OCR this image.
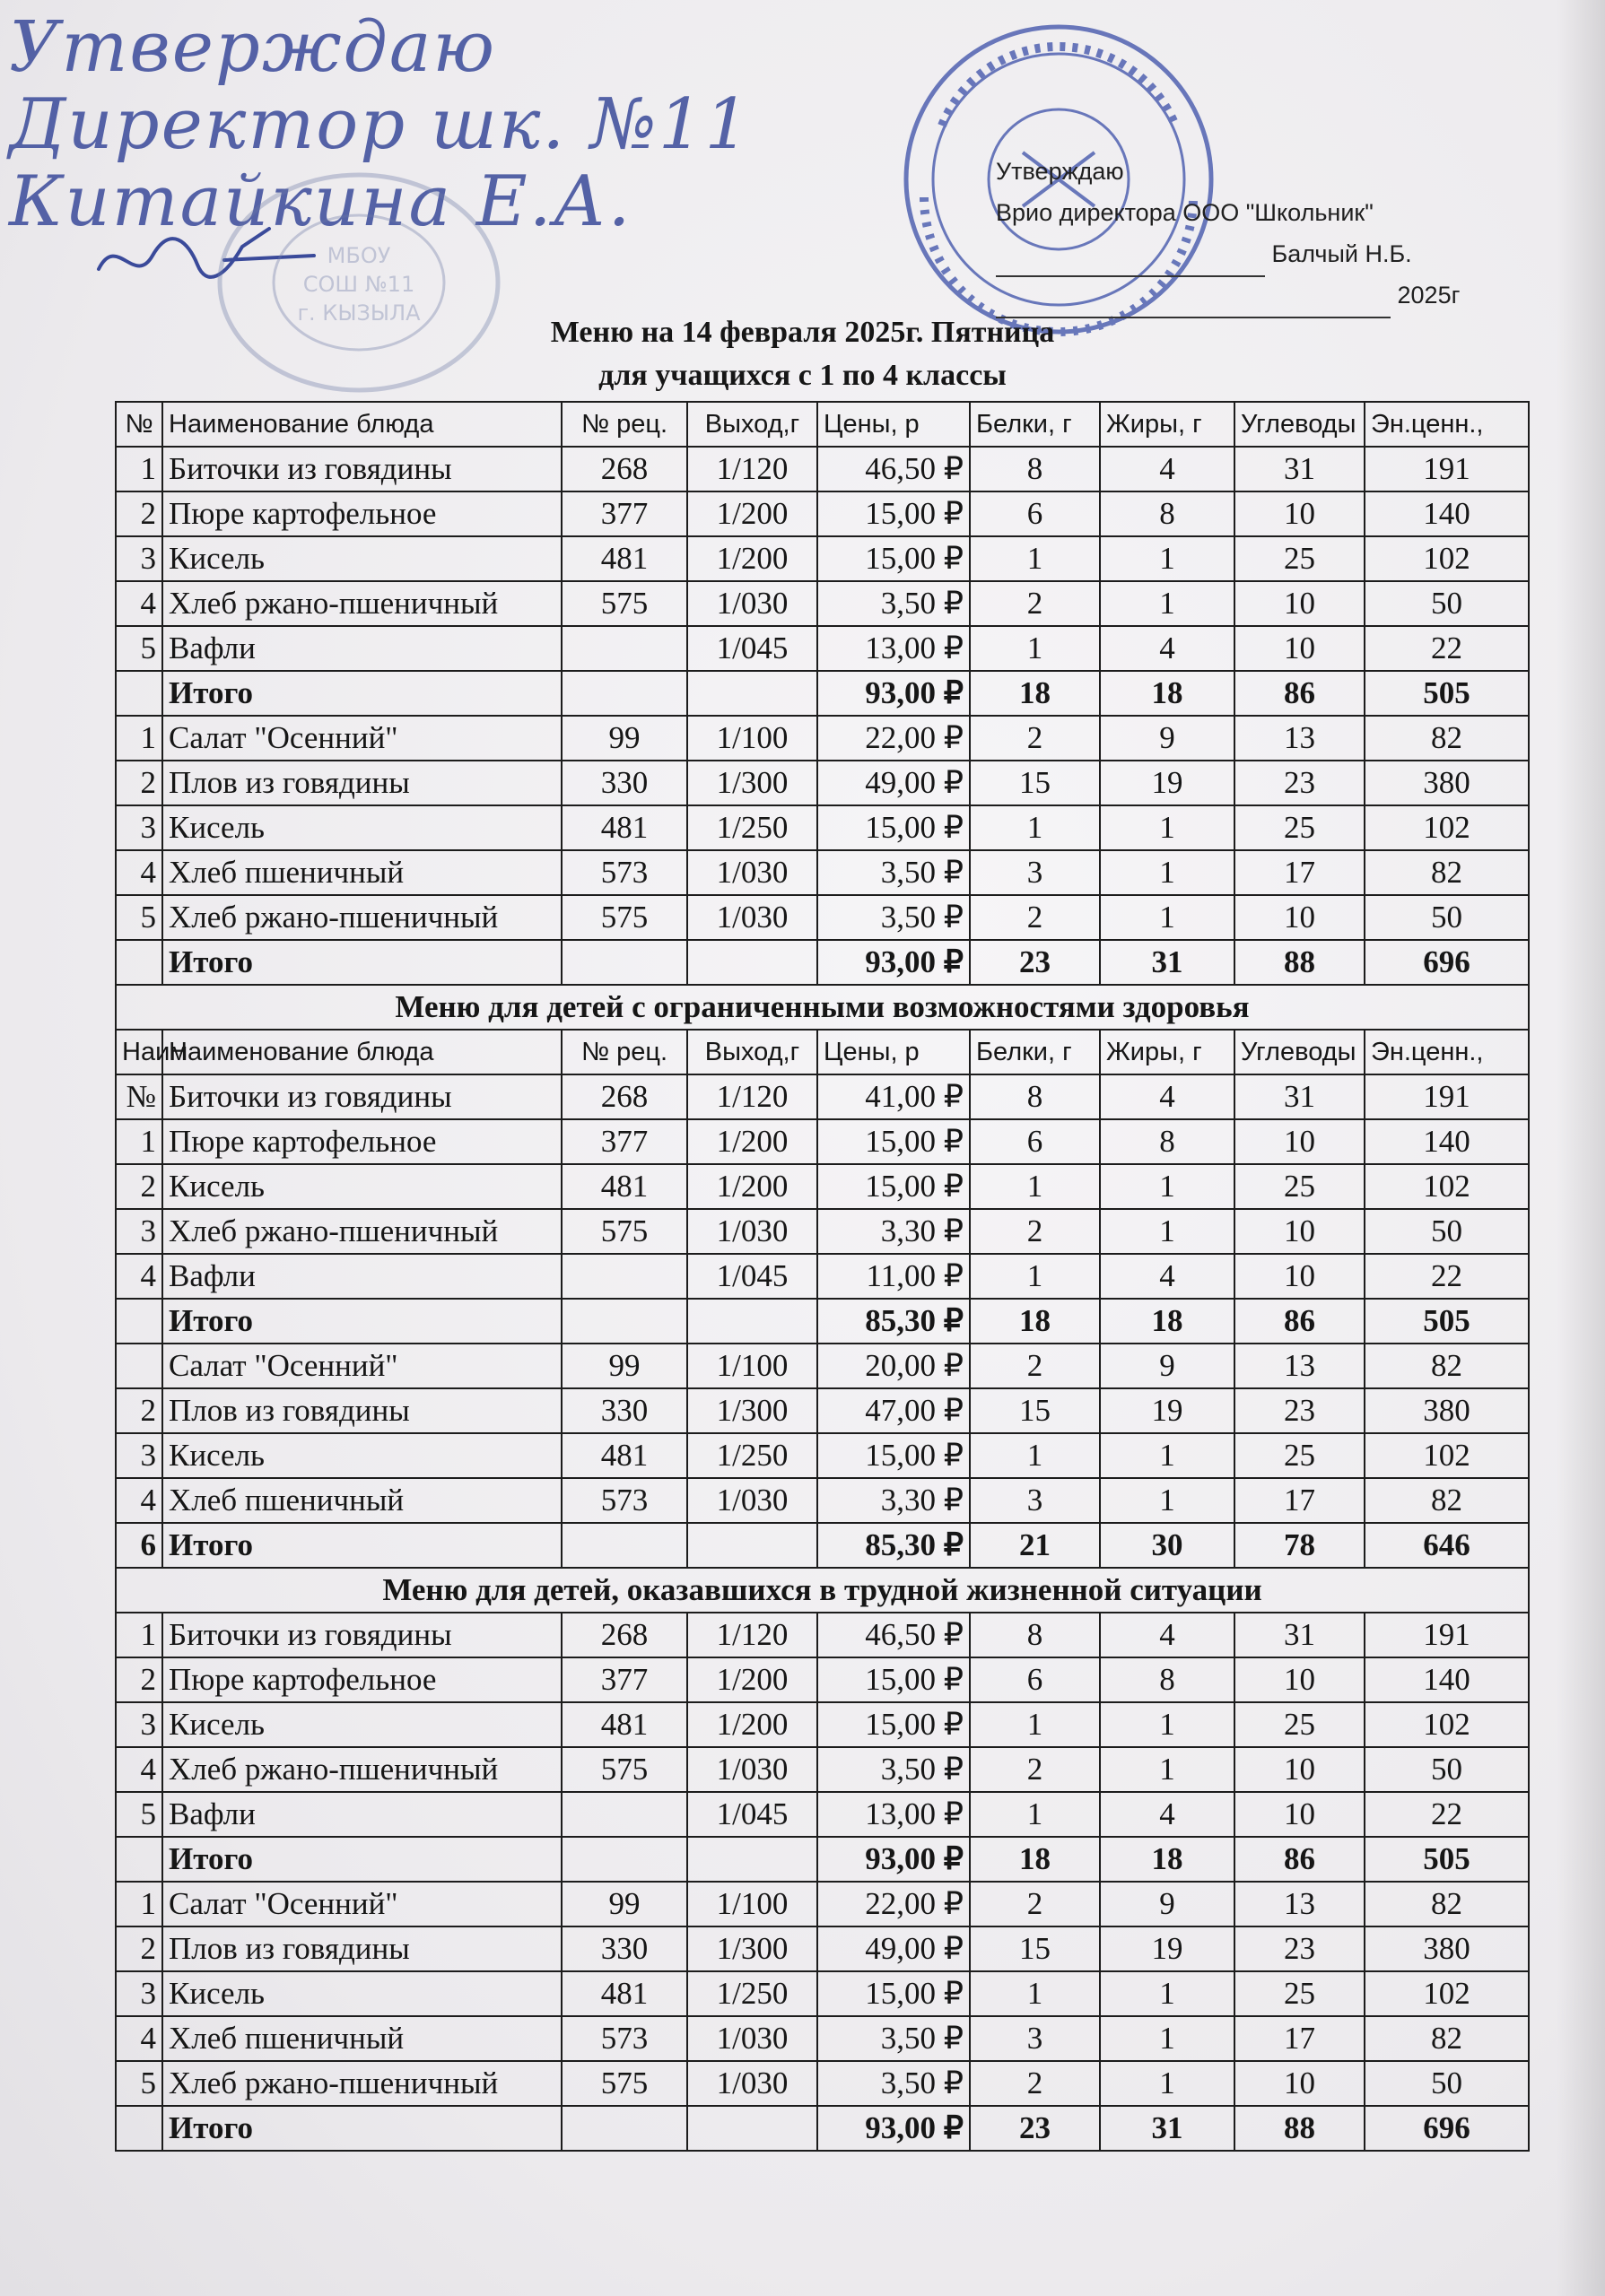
Утверждаю
Директор шк. №11
Китайкина Е.А.
МБОУ
СОШ №11
г. КЫЗЫЛА
Утверждаю
Врио директора ООО "Школьник"
Балчый Н.Б.
2025г
Меню на 14 февраля 2025г. Пятница
для учащихся с 1 по 4 классы
№	Наименование блюда	№ рец.	Выход,г	Цены, р	Белки, г	Жиры, г	Углеводы	Эн.ценн.,
1	Биточки из говядины	268	1/120	46,50 ₽	8	4	31	191
2	Пюре картофельное	377	1/200	15,00 ₽	6	8	10	140
3	Кисель	481	1/200	15,00 ₽	1	1	25	102
4	Хлеб ржано-пшеничный	575	1/030	3,50 ₽	2	1	10	50
5	Вафли		1/045	13,00 ₽	1	4	10	22
	Итого			93,00 ₽	18	18	86	505
1	Салат "Осенний"	99	1/100	22,00 ₽	2	9	13	82
2	Плов из говядины	330	1/300	49,00 ₽	15	19	23	380
3	Кисель	481	1/250	15,00 ₽	1	1	25	102
4	Хлеб пшеничный	573	1/030	3,50 ₽	3	1	17	82
5	Хлеб ржано-пшеничный	575	1/030	3,50 ₽	2	1	10	50
	Итого			93,00 ₽	23	31	88	696
Меню для детей с ограниченными возможностями здоровья								
Наим	Наименование блюда	№ рец.	Выход,г	Цены, р	Белки, г	Жиры, г	Углеводы	Эн.ценн.,
№	Биточки из говядины	268	1/120	41,00 ₽	8	4	31	191
1	Пюре картофельное	377	1/200	15,00 ₽	6	8	10	140
2	Кисель	481	1/200	15,00 ₽	1	1	25	102
3	Хлеб ржано-пшеничный	575	1/030	3,30 ₽	2	1	10	50
4	Вафли		1/045	11,00 ₽	1	4	10	22
	Итого			85,30 ₽	18	18	86	505
	Салат "Осенний"	99	1/100	20,00 ₽	2	9	13	82
2	Плов из говядины	330	1/300	47,00 ₽	15	19	23	380
3	Кисель	481	1/250	15,00 ₽	1	1	25	102
4	Хлеб пшеничный	573	1/030	3,30 ₽	3	1	17	82
6	Итого			85,30 ₽	21	30	78	646
Меню для детей, оказавшихся в трудной жизненной ситуации								
1	Биточки из говядины	268	1/120	46,50 ₽	8	4	31	191
2	Пюре картофельное	377	1/200	15,00 ₽	6	8	10	140
3	Кисель	481	1/200	15,00 ₽	1	1	25	102
4	Хлеб ржано-пшеничный	575	1/030	3,50 ₽	2	1	10	50
5	Вафли		1/045	13,00 ₽	1	4	10	22
	Итого			93,00 ₽	18	18	86	505
1	Салат "Осенний"	99	1/100	22,00 ₽	2	9	13	82
2	Плов из говядины	330	1/300	49,00 ₽	15	19	23	380
3	Кисель	481	1/250	15,00 ₽	1	1	25	102
4	Хлеб пшеничный	573	1/030	3,50 ₽	3	1	17	82
5	Хлеб ржано-пшеничный	575	1/030	3,50 ₽	2	1	10	50
	Итого			93,00 ₽	23	31	88	696
